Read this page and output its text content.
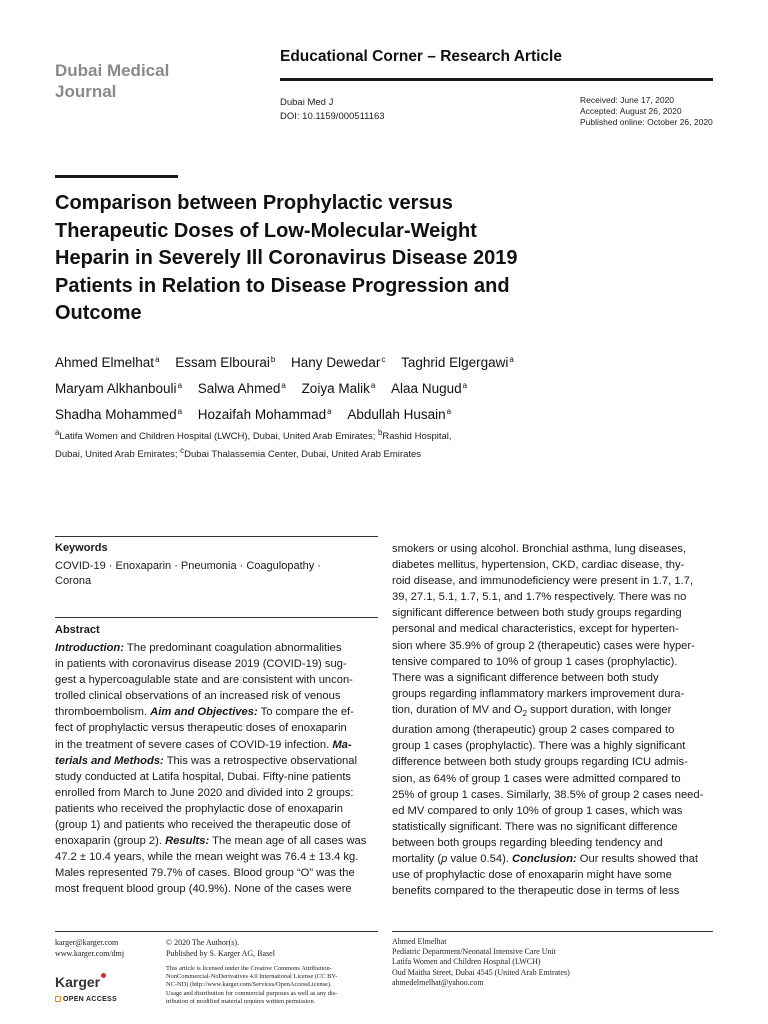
Dubai Medical
Journal
Educational Corner – Research Article
Dubai Med J
DOI: 10.1159/000511163
Received: June 17, 2020
Accepted: August 26, 2020
Published online: October 26, 2020
Comparison between Prophylactic versus
Therapeutic Doses of Low-Molecular-Weight
Heparin in Severely Ill Coronavirus Disease 2019
Patients in Relation to Disease Progression and
Outcome
Ahmed Elmelhat$^a$ Essam Elbourai$^b$ Hany Dewedar$^c$ Taghrid Elgergawi$^a$
Maryam Alkhanbouli$^a$ Salwa Ahmed$^a$ Zoiya Malik$^a$ Alaa Nugud$^a$
Shadha Mohammed$^a$ Hozaifah Mohammad$^a$ Abdullah Husain$^a$
$^a$Latifa Women and Children Hospital (LWCH), Dubai, United Arab Emirates; $^b$Rashid Hospital,
Dubai, United Arab Emirates; $^c$Dubai Thalassemia Center, Dubai, United Arab Emirates
Keywords
COVID-19 · Enoxaparin · Pneumonia · Coagulopathy ·
Corona
Abstract
Introduction: The predominant coagulation abnormalities
in patients with coronavirus disease 2019 (COVID-19) sug-
gest a hypercoagulable state and are consistent with uncon-
trolled clinical observations of an increased risk of venous
thromboembolism. Aim and Objectives: To compare the ef-
fect of prophylactic versus therapeutic doses of enoxaparin
in the treatment of severe cases of COVID-19 infection. Ma-
terials and Methods: This was a retrospective observational
study conducted at Latifa hospital, Dubai. Fifty-nine patients
enrolled from March to June 2020 and divided into 2 groups:
patients who received the prophylactic dose of enoxaparin
(group 1) and patients who received the therapeutic dose of
enoxaparin (group 2). Results: The mean age of all cases was
47.2 ± 10.4 years, while the mean weight was 76.4 ± 13.4 kg.
Males represented 79.7% of cases. Blood group “O” was the
most frequent blood group (40.9%). None of the cases were
smokers or using alcohol. Bronchial asthma, lung diseases,
diabetes mellitus, hypertension, CKD, cardiac disease, thy-
roid disease, and immunodeficiency were present in 1.7, 1.7,
39, 27.1, 5.1, 1.7, 5.1, and 1.7% respectively. There was no
significant difference between both study groups regarding
personal and medical characteristics, except for hyperten-
sion where 35.9% of group 2 (therapeutic) cases were hyper-
tensive compared to 10% of group 1 cases (prophylactic).
There was a significant difference between both study
groups regarding inflammatory markers improvement dura-
tion, duration of MV and $O_2$ support duration, with longer
duration among (therapeutic) group 2 cases compared to
group 1 cases (prophylactic). There was a highly significant
difference between both study groups regarding ICU admis-
sion, as 64% of group 1 cases were admitted compared to
25% of group 1 cases. Similarly, 38.5% of group 2 cases need-
ed MV compared to only 10% of group 1 cases, which was
statistically significant. There was no significant difference
between both groups regarding bleeding tendency and
mortality (p value 0.54). Conclusion: Our results showed that
use of prophylactic dose of enoxaparin might have some
benefits compared to the therapeutic dose in terms of less
karger@karger.com
www.karger.com/dmj
Karger
OPEN ACCESS
© 2020 The Author(s).
Published by S. Karger AG, Basel
This article is licensed under the Creative Commons Attribution-
NonCommercial-NoDerivatives 4.0 International License (CC BY-
NC-ND) (http://www.karger.com/Services/OpenAccessLicense).
Usage and distribution for commercial purposes as well as any dis-
tribution of modified material requires written permission.
Ahmed Elmelhat
Pediatric Department/Neonatal Intensive Care Unit
Latifa Women and Children Hospital (LWCH)
Oud Maitha Street, Dubai 4545 (United Arab Emirates)
ahmedelmelhat@yahoo.com
